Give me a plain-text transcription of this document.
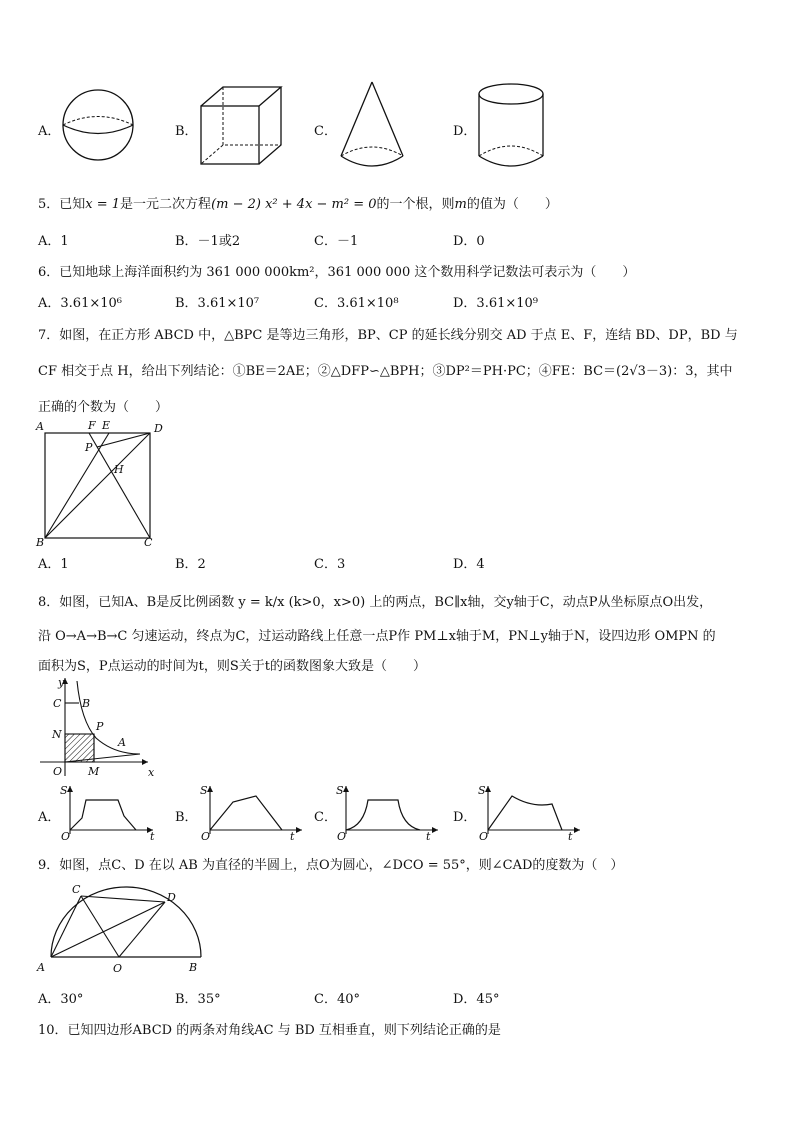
A．	B．	C．	D．
5．已知x = 1是一元二次方程(m − 2) x² + 4x − m² = 0的一个根，则m的值为（　　）
A．1	B．－1或2	C．－1	D．0
6．已知地球上海洋面积约为 361 000 000km²，361 000 000 这个数用科学记数法可表示为（　　）
A．3.61×10⁶	B．3.61×10⁷	C．3.61×10⁸	D．3.61×10⁹
7．如图，在正方形 ABCD 中，△BPC 是等边三角形，BP、CP 的延长线分别交 AD 于点 E、F，连结 BD、DP，BD 与
CF 相交于点 H，给出下列结论：①BE＝2AE；②△DFP∽△BPH；③DP²＝PH·PC；④FE：BC＝(2√3－3)：3，其中
正确的个数为（　　）
A	D
B	C
F E
P
H
A．1	B．2	C．3	D．4
8．如图，已知A、B是反比例函数 y = k/x (k>0，x>0) 上的两点，BC∥x轴，交y轴于C，动点P从坐标原点O出发，
沿 O→A→B→C 匀速运动，终点为C，过运动路线上任意一点P作 PM⊥x轴于M，PN⊥y轴于N，设四边形 OMPN 的
面积为S，P点运动的时间为t，则S关于t的函数图象大致是（　　）
y
x
C B
N
P
A
O M
A．
S
t
O
B．
S
t
O
C．
S
t
O
D．
S
t
O
9．如图，点C、D 在以 AB 为直径的半圆上，点O为圆心，∠DCO = 55°，则∠CAD的度数为（　）
A
C
D
O	B
A．30°	B．35°	C．40°	D．45°
10．已知四边形ABCD 的两条对角线AC 与 BD 互相垂直，则下列结论正确的是
